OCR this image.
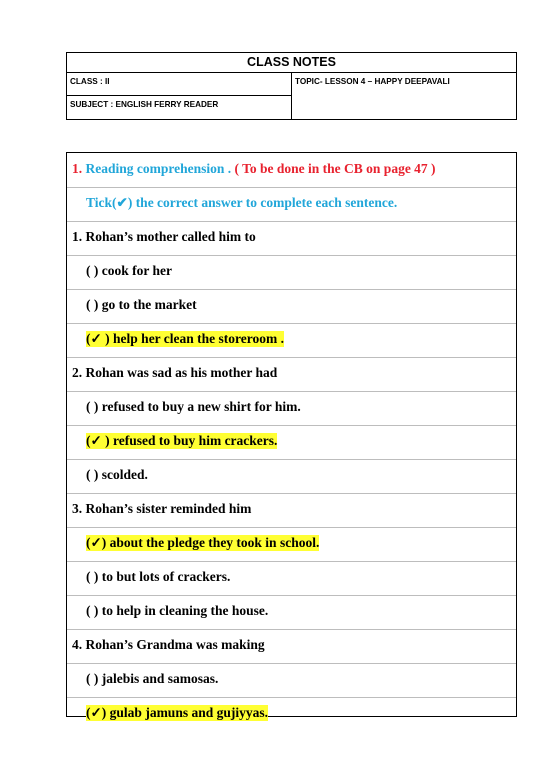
CLASS NOTES

CLASS : II	TOPIC- LESSON 4 – HAPPY DEEPAVALI

SUBJECT : ENGLISH FERRY READER
1. Reading comprehension . ( To be done in the CB on page 47 )
Tick(✔) the correct answer to complete each sentence.
1. Rohan’s mother called him to
( ) cook for her
( ) go to the market
(✓ ) help her clean the storeroom .
2. Rohan was sad as his mother had
( ) refused to buy a new shirt for him.
(✓ ) refused to buy him crackers.
( ) scolded.
3. Rohan’s sister reminded him
(✓) about the pledge they took in school.
( ) to but lots of crackers.
( ) to help in cleaning the house.
4. Rohan’s Grandma was making
( ) jalebis and samosas.
(✓) gulab jamuns and gujiyyas.
